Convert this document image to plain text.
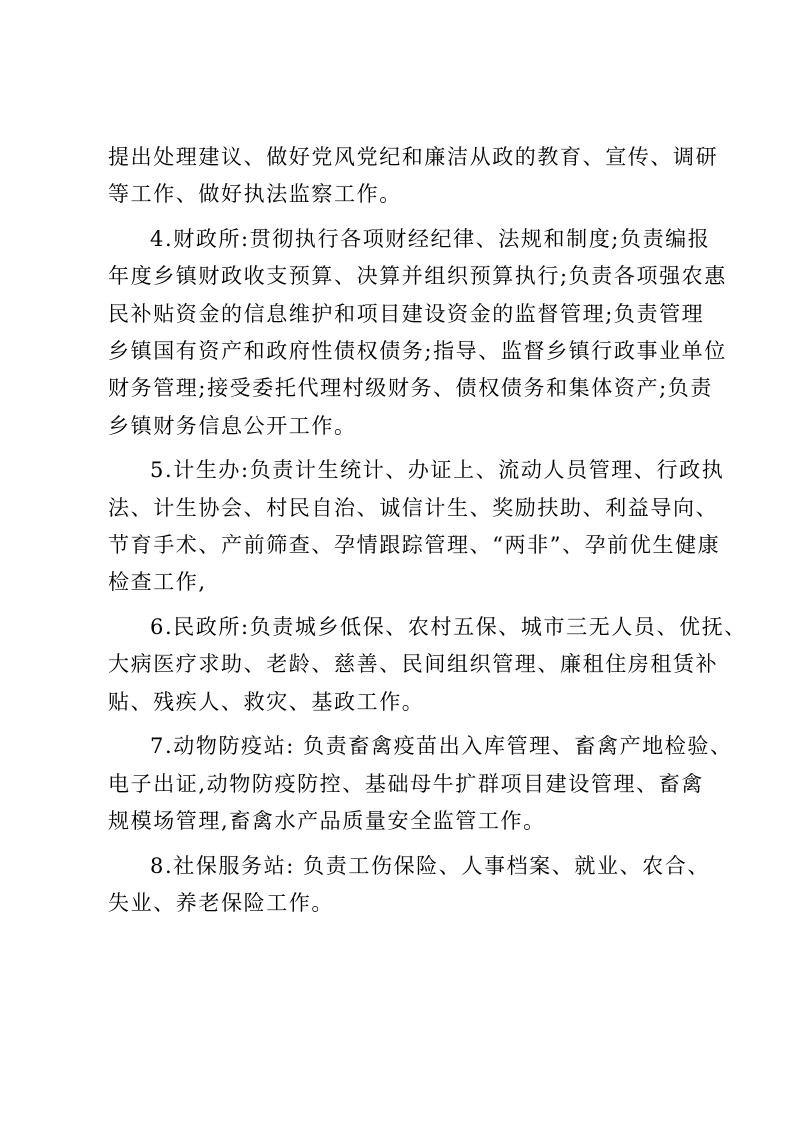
提出处理建议、做好党风党纪和廉洁从政的教育、宣传、调研
等工作、做好执法监察工作。
4.财政所:贯彻执行各项财经纪律、法规和制度;负责编报
年度乡镇财政收支预算、决算并组织预算执行;负责各项强农惠
民补贴资金的信息维护和项目建设资金的监督管理;负责管理
乡镇国有资产和政府性债权债务;指导、监督乡镇行政事业单位
财务管理;接受委托代理村级财务、债权债务和集体资产;负责
乡镇财务信息公开工作。
5.计生办:负责计生统计、办证上、流动人员管理、行政执
法、计生协会、村民自治、诚信计生、奖励扶助、利益导向、
节育手术、产前筛查、孕情跟踪管理、“两非”、孕前优生健康
检查工作,
6.民政所:负责城乡低保、农村五保、城市三无人员、优抚、
大病医疗求助、老龄、慈善、民间组织管理、廉租住房租赁补
贴、残疾人、救灾、基政工作。
7.动物防疫站: 负责畜禽疫苗出入库管理、畜禽产地检验、
电子出证,动物防疫防控、基础母牛扩群项目建设管理、畜禽
规模场管理,畜禽水产品质量安全监管工作。
8.社保服务站: 负责工伤保险、人事档案、就业、农合、
失业、养老保险工作。
